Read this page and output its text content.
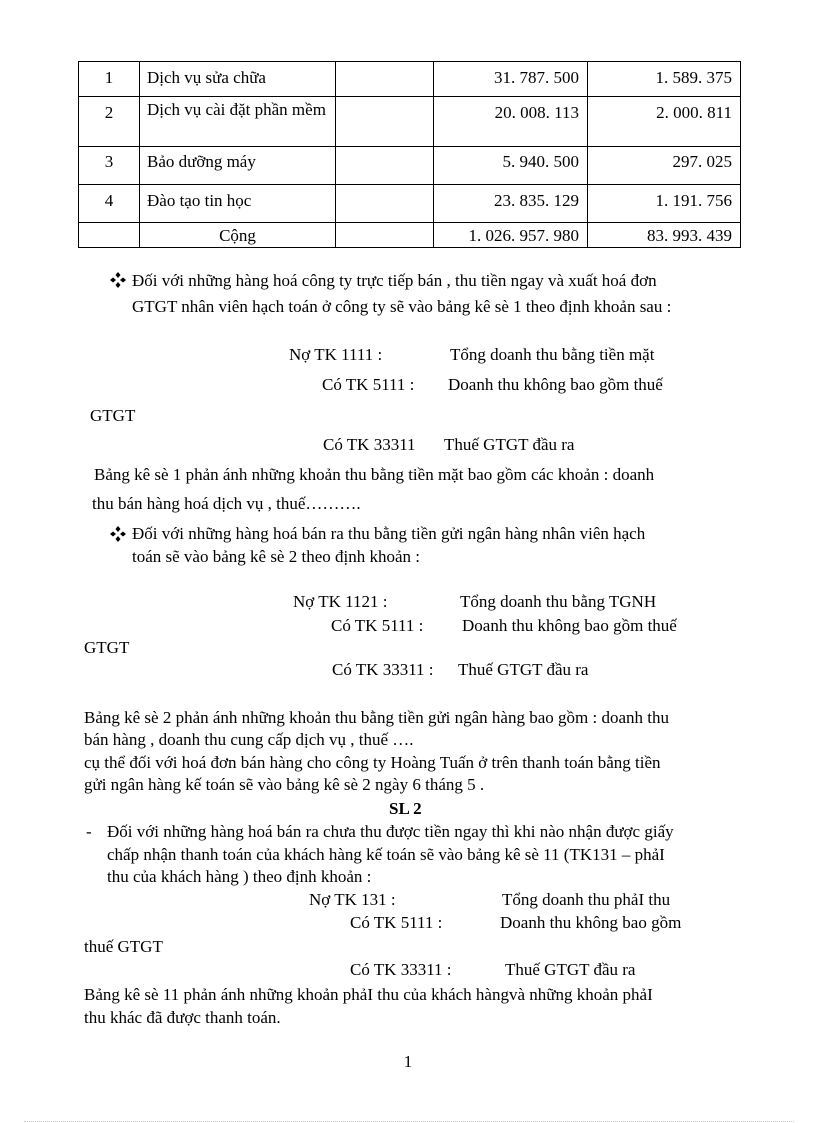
1	Dịch vụ sửa chữa		31. 787. 500	1. 589. 375
2	Dịch vụ cài đặt phần mềm		20. 008. 113	2. 000. 811
3	Bảo dưỡng máy		5. 940. 500	297. 025
4	Đào tạo tin học		23. 835. 129	1. 191. 756
	Cộng		1. 026. 957. 980	83. 993. 439
Đối với những hàng hoá công ty trực tiếp bán , thu tiền ngay và xuất hoá đơn
GTGT nhân viên hạch toán ở công ty sẽ vào bảng kê sè 1 theo định khoản sau :
Nợ TK 1111 :	Tổng doanh thu bằng tiền mặt
Có TK 5111 : Doanh thu không bao gồm thuế
GTGT
Có TK 33311 Thuế GTGT đầu ra
Bảng kê sè 1 phản ánh những khoản thu bằng tiền mặt bao gồm các khoản : doanh
thu bán hàng hoá dịch vụ , thuế……….
Đối với những hàng hoá bán ra thu bằng tiền gửi ngân hàng nhân viên hạch
toán sẽ vào bảng kê sè 2 theo định khoản :
Nợ TK 1121 :	Tổng doanh thu bằng TGNH
Có TK 5111 : Doanh thu không bao gồm thuế
GTGT
Có TK 33311 : Thuế GTGT đầu ra
Bảng kê sè 2 phản ánh những khoản thu bằng tiền gửi ngân hàng bao gồm : doanh thu
bán hàng , doanh thu cung cấp dịch vụ , thuế ….
cụ thể đối với hoá đơn bán hàng cho công ty Hoàng Tuấn ở trên thanh toán bằng tiền
gửi ngân hàng kế toán sẽ vào bảng kê sè 2 ngày 6 tháng 5 .
SL 2
- Đối với những hàng hoá bán ra chưa thu được tiền ngay thì khi nào nhận được giấy
chấp nhận thanh toán của khách hàng kế toán sẽ vào bảng kê sè 11 (TK131 – phảI
thu của khách hàng ) theo định khoản :
Nợ TK 131 :	Tổng doanh thu phảI thu
Có TK 5111 :	Doanh thu không bao gồm
thuế GTGT
Có TK 33311 :	Thuế GTGT đầu ra
Bảng kê sè 11 phản ánh những khoản phảI thu của khách hàngvà những khoản phảI
thu khác đã được thanh toán.
1
